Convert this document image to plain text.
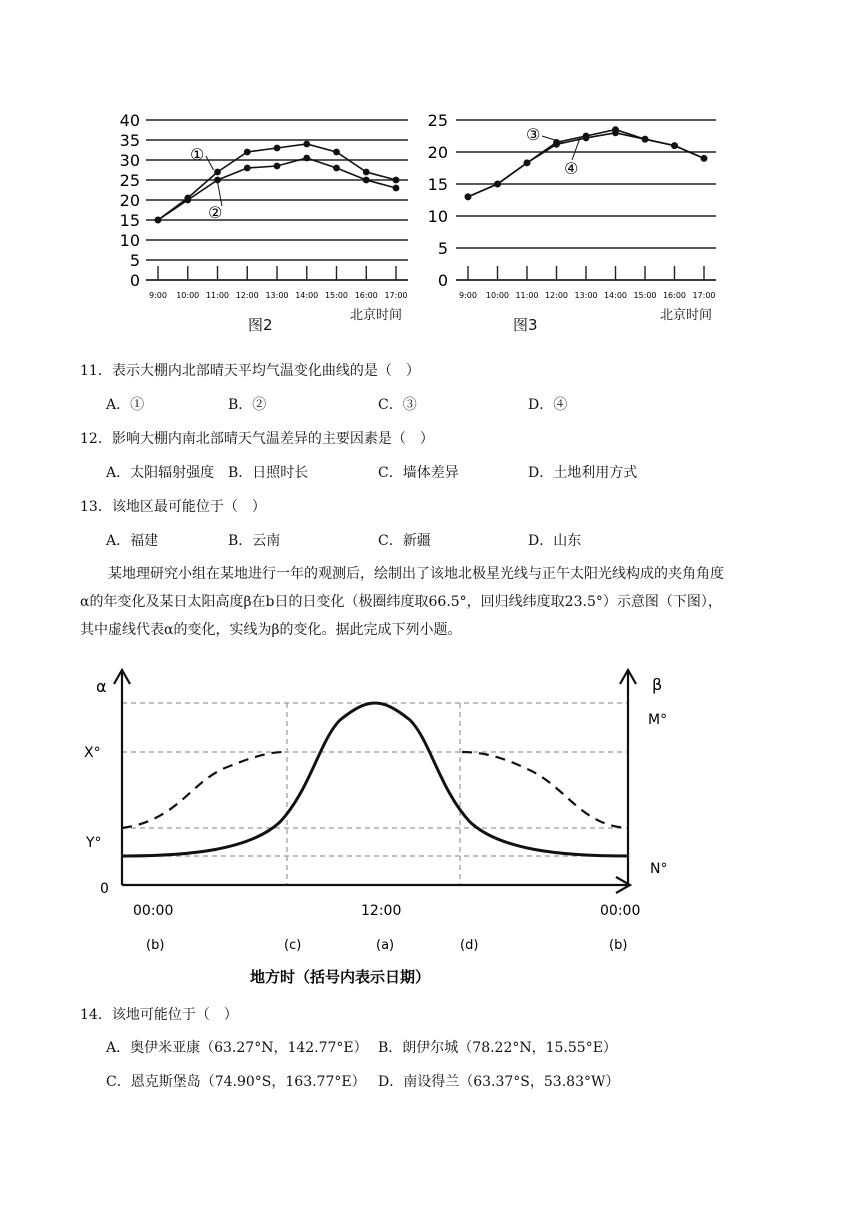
0
5
10
15
20
25
30
35
40
9:00 10:00 11:00 12:00 13:00 14:00 15:00 16:00 17:00
①
②
图2
北京时间
0
5
10
15
20
25
9:00 10:00 11:00 12:00 13:00 14:00 15:00 16:00 17:00
③
④
图3
北京时间
11．表示大棚内北部晴天平均气温变化曲线的是（　）
A．①	B．②	C．③	D．④
12．影响大棚内南北部晴天气温差异的主要因素是（　）
A．太阳辐射强度 B．日照时长	C．墙体差异	D．土地利用方式
13．该地区最可能位于（　）
A．福建	B．云南	C．新疆	D．山东
某地理研究小组在某地进行一年的观测后，绘制出了该地北极星光线与正午太阳光线构成的夹角角度
α的年变化及某日太阳高度β在b日的日变化（极圈纬度取66.5°，回归线纬度取23.5°）示意图（下图），
其中虚线代表α的变化，实线为β的变化。据此完成下列小题。
α	β
X°
Y°
0
M°
N°
00:00	12:00	00:00
(b)	(c)	(a)	(d)	(b)
地方时（括号内表示日期）
14．该地可能位于（　）
A．奥伊米亚康（63.27°N，142.77°E） B．朗伊尔城（78.22°N，15.55°E）
C．恩克斯堡岛（74.90°S，163.77°E） D．南设得兰（63.37°S，53.83°W）
